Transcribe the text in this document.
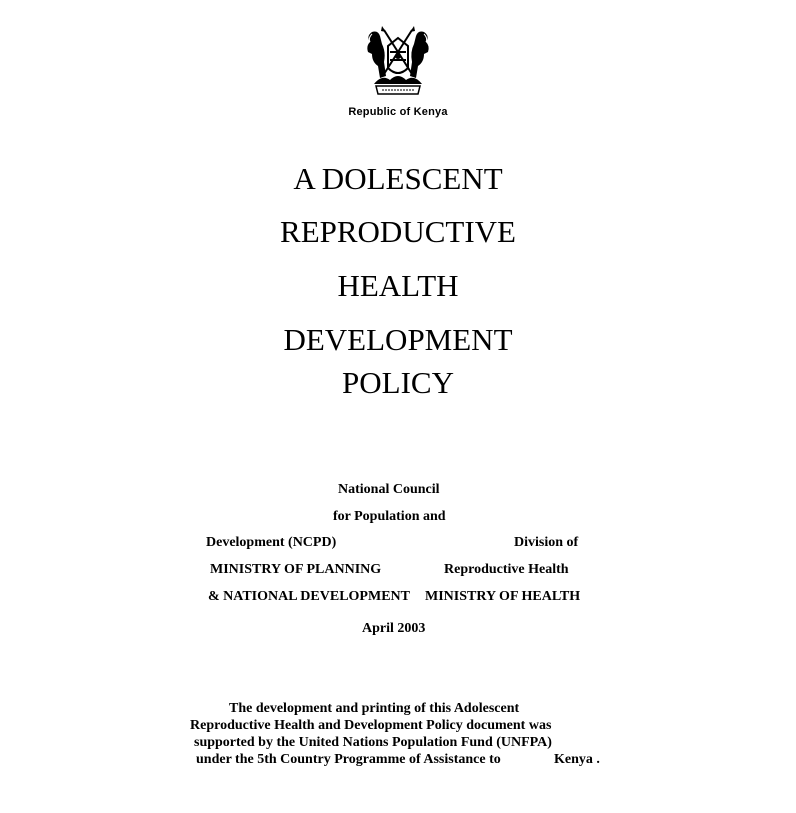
Republic of Kenya
A DOLESCENT
REPRODUCTIVE
HEALTH
DEVELOPMENT
POLICY
National Council
for Population and
Development (NCPD)	Division of
MINISTRY OF PLANNING	Reproductive Health
& NATIONAL DEVELOPMENT MINISTRY OF HEALTH
April 2003
The development and printing of this Adolescent
Reproductive Health and Development Policy document was
supported by the United Nations Population Fund (UNFPA)
under the 5th Country Programme of Assistance to	Kenya .
